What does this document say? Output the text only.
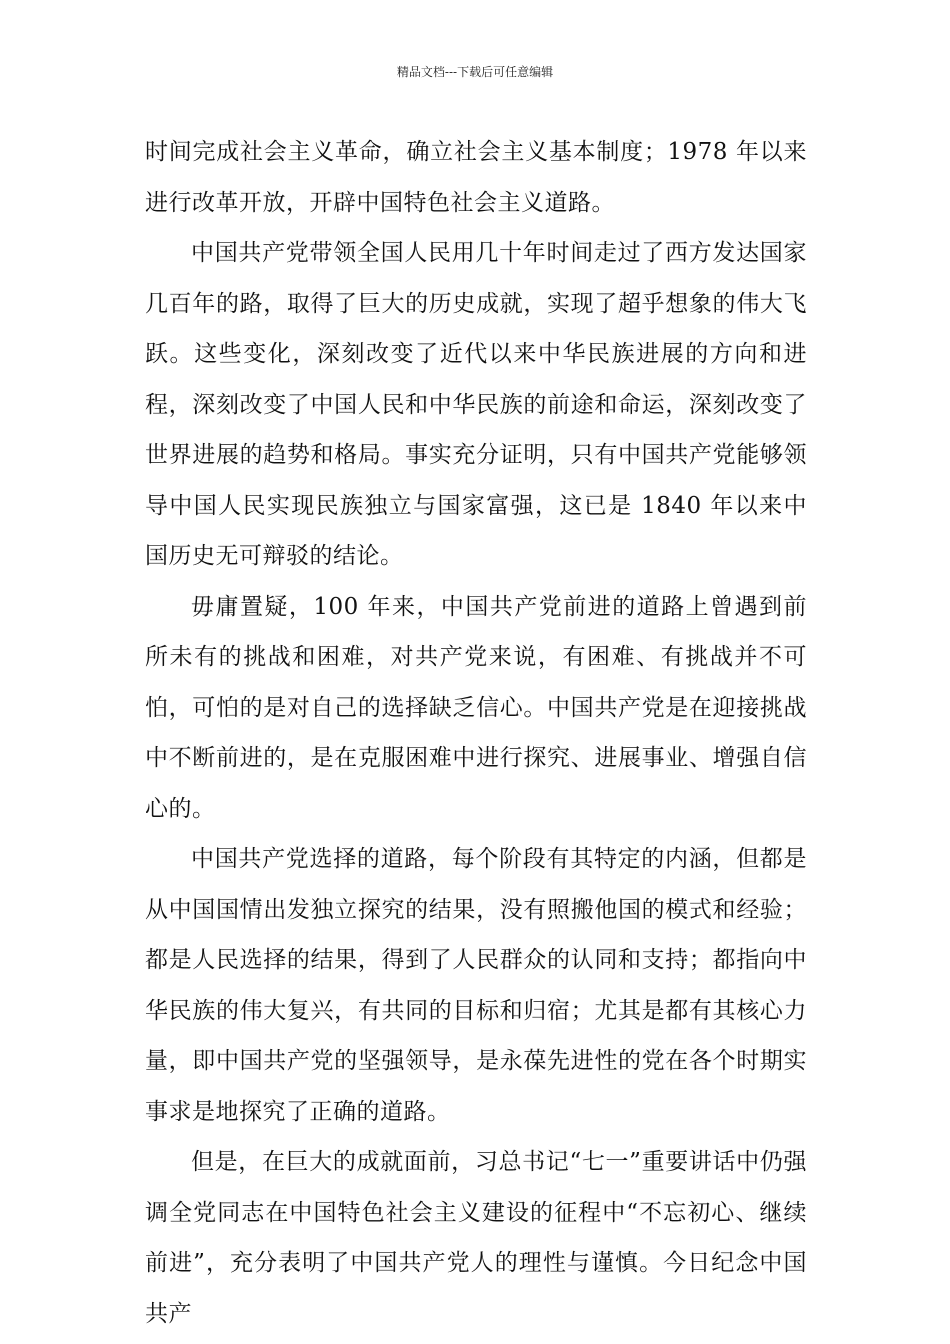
精品文档---下载后可任意编辑

时间完成社会主义革命，确立社会主义基本制度；1978 年以来进行改革开放，开辟中国特色社会主义道路。

中国共产党带领全国人民用几十年时间走过了西方发达国家几百年的路，取得了巨大的历史成就，实现了超乎想象的伟大飞跃。这些变化，深刻改变了近代以来中华民族进展的方向和进程，深刻改变了中国人民和中华民族的前途和命运，深刻改变了世界进展的趋势和格局。事实充分证明，只有中国共产党能够领导中国人民实现民族独立与国家富强，这已是 1840 年以来中国历史无可辩驳的结论。

毋庸置疑，100 年来，中国共产党前进的道路上曾遇到前所未有的挑战和困难，对共产党来说，有困难、有挑战并不可怕，可怕的是对自己的选择缺乏信心。中国共产党是在迎接挑战中不断前进的，是在克服困难中进行探究、进展事业、增强自信心的。

中国共产党选择的道路，每个阶段有其特定的内涵，但都是从中国国情出发独立探究的结果，没有照搬他国的模式和经验；都是人民选择的结果，得到了人民群众的认同和支持；都指向中华民族的伟大复兴，有共同的目标和归宿；尤其是都有其核心力量，即中国共产党的坚强领导，是永葆先进性的党在各个时期实事求是地探究了正确的道路。

但是，在巨大的成就面前，习总书记“七一”重要讲话中仍强调全党同志在中国特色社会主义建设的征程中“不忘初心、继续前进”，充分表明了中国共产党人的理性与谨慎。今日纪念中国共产
